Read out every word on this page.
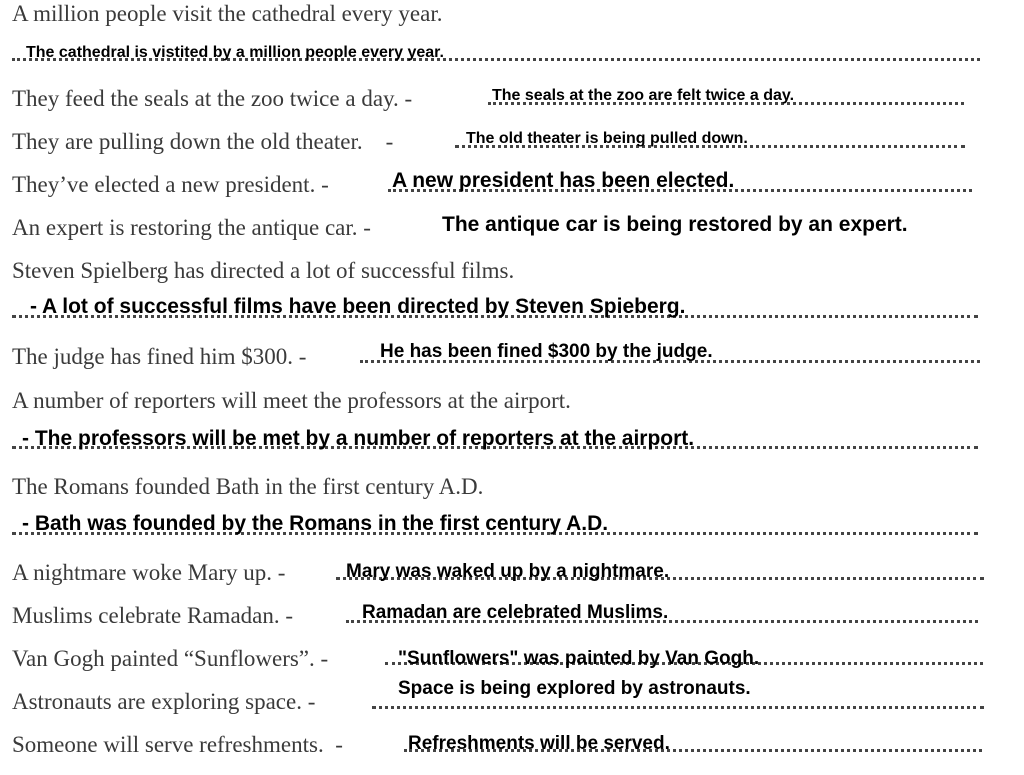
A million people visit the cathedral every year.
The cathedral is vistited by a million people every year.
They feed the seals at the zoo twice a day. -	The seals at the zoo are felt twice a day.
They are pulling down the old theater.    -	The old theater is being pulled down.
They’ve elected a new president. -	A new president has been elected.
An expert is restoring the antique car. -	The antique car is being restored by an expert.
Steven Spielberg has directed a lot of successful films.
- A lot of successful films have been directed by Steven Spieberg.
The judge has fined him $300. -	He has been fined $300 by the judge.
A number of reporters will meet the professors at the airport.
- The professors will be met by a number of reporters at the airport.
The Romans founded Bath in the first century A.D.
- Bath was founded by the Romans in the first century A.D.
A nightmare woke Mary up. -	Mary was waked up by a nightmare.
Muslims celebrate Ramadan. -	Ramadan are celebrated Muslims.
Van Gogh painted “Sunflowers”. -	"Sunflowers" was painted by Van Gogh.
Astronauts are exploring space. -
Space is being explored by astronauts.
Someone will serve refreshments.  -	Refreshments will be served.
